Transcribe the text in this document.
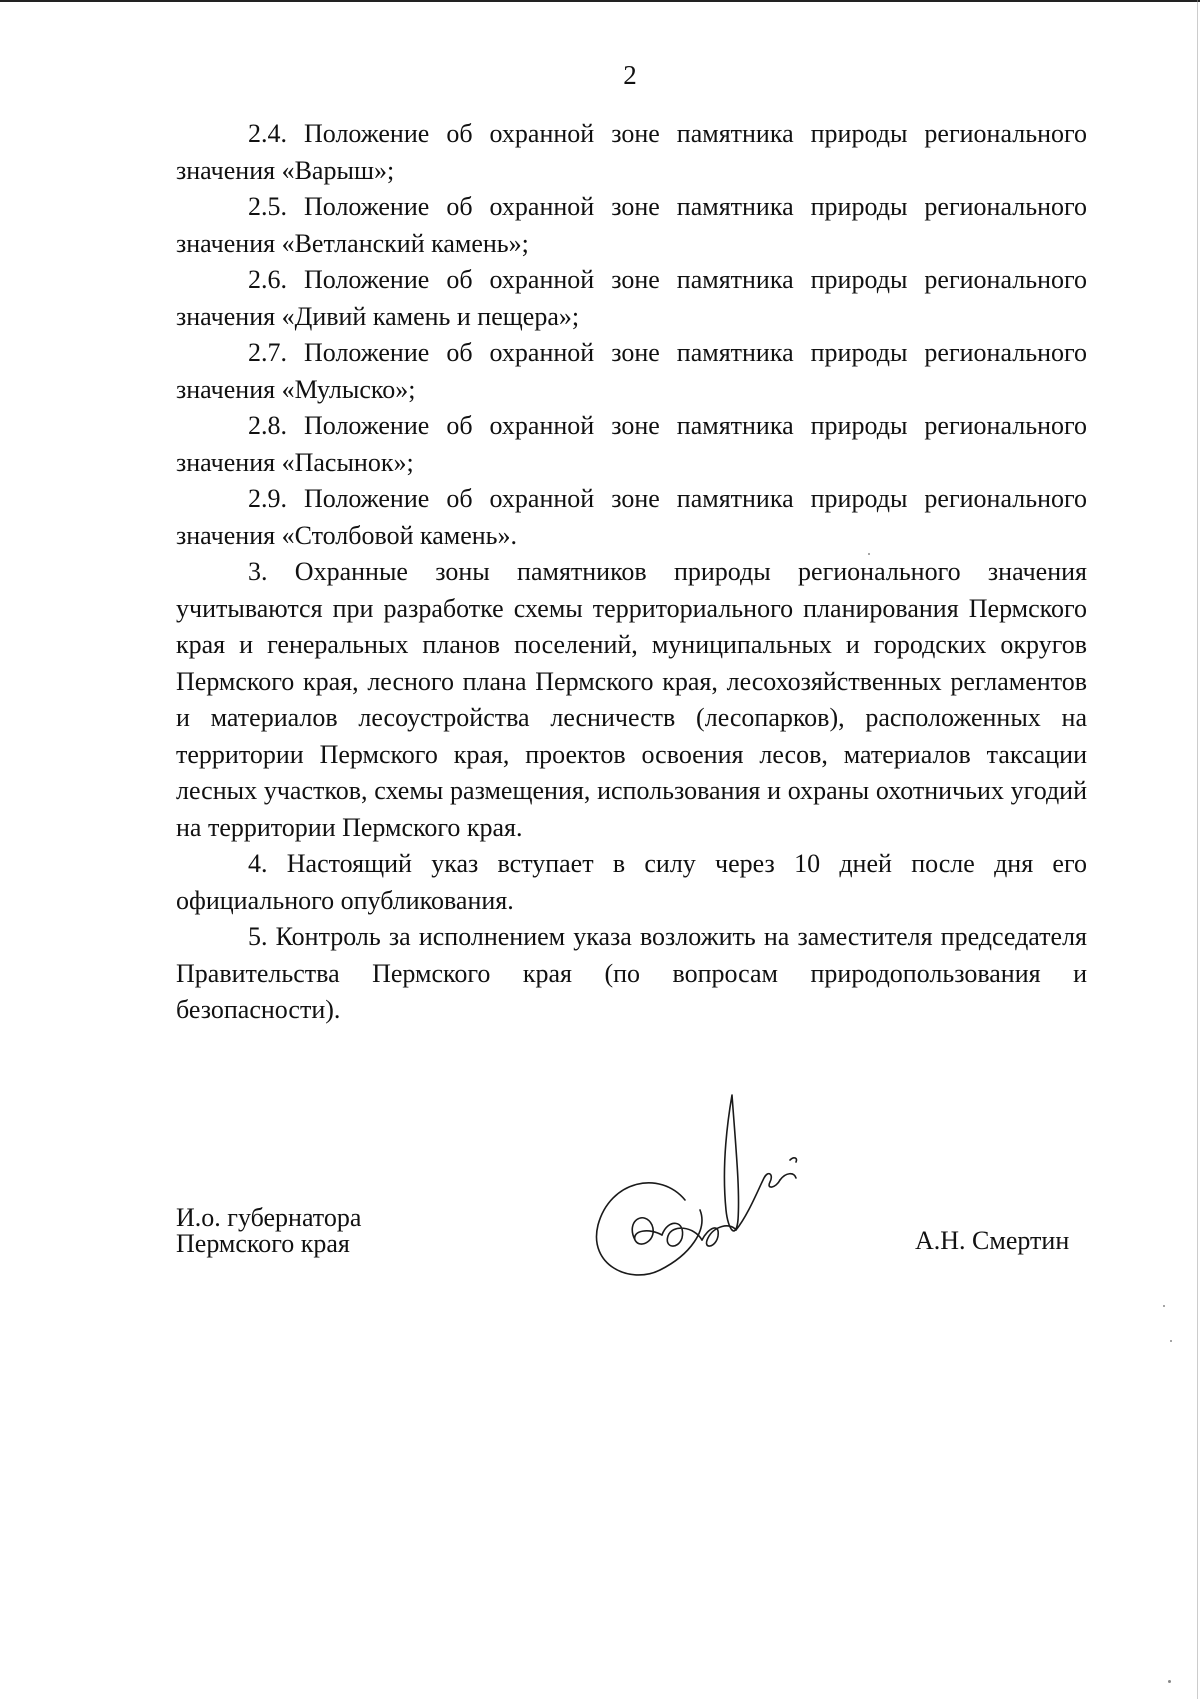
2

2.4. Положение об охранной зоне памятника природы регионального значения «Варыш»;

2.5. Положение об охранной зоне памятника природы регионального значения «Ветланский камень»;

2.6. Положение об охранной зоне памятника природы регионального значения «Дивий камень и пещера»;

2.7. Положение об охранной зоне памятника природы регионального значения «Мулыско»;

2.8. Положение об охранной зоне памятника природы регионального значения «Пасынок»;

2.9. Положение об охранной зоне памятника природы регионального значения «Столбовой камень».

3. Охранные зоны памятников природы регионального значения учитываются при разработке схемы территориального планирования Пермского края и генеральных планов поселений, муниципальных и городских округов Пермского края, лесного плана Пермского края, лесохозяйственных регламентов и материалов лесоустройства лесничеств (лесопарков), расположенных на территории Пермского края, проектов освоения лесов, материалов таксации лесных участков, схемы размещения, использования и охраны охотничьих угодий на территории Пермского края.

4. Настоящий указ вступает в силу через 10 дней после дня его официального опубликования.

5. Контроль за исполнением указа возложить на заместителя председателя Правительства Пермского края (по вопросам природопользования и безопасности).

И.о. губернатора
Пермского края	А.Н. Смертин
